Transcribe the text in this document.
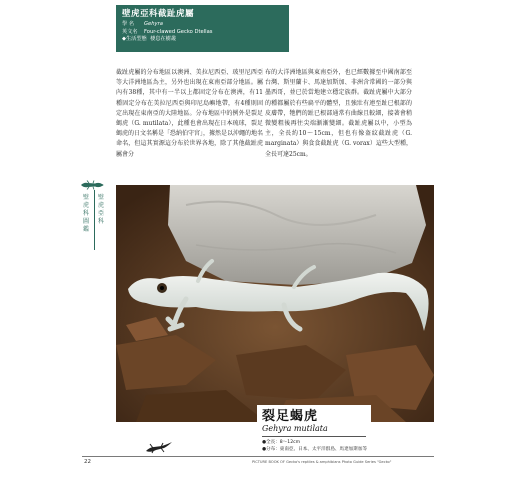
壁虎亞科截趾虎屬
學 名 Gehyra
英文名 Four-clawed Gecko Dtellas
◆生活型態 棲息在樹叢
截趾虎屬的分布地區以澳洲、美拉尼西亞、玻里尼西亞等大洋洲地區為主，另外也出現在東南亞部分地區。屬內有38種，其中有一半以上都固定分布在澳洲，有11種固定分布在美拉尼西亞與印尼島嶼地帶，有4種則固定出現在東南亞的大陸地區。分布地區中的例外是裂足蝎虎（G. mutilata），此種也會出現在日本琉球，裂足蝎虎的日文名稱是「恐納伯守宮」，據然是以沖繩的地名命名，但這其實源這分布於世界各地，除了其他截趾虎屬會分
布的大洋洲地區與東南亞外，也已經數據至中國南部至台灣、斯里蘭卡、馬達加斯加、非洲含常國的一部分與墨西哥，並已於當地建立穩定族群。截趾虎屬中大部分的種都屬於有些扁平的體型，且強壯有連至趾已根部的皮膚帶，牠們的趾已根部通常有曲線且較細，接著會稍微變粗後再往尖端漸漸變細。截趾虎屬以中，小型為主，全長約10～15cm，但也有像盔紋截趾虎（G. marginata）與食食截趾虎（G. vorax）這些大型種，全長可達25cm。
壁虎科圖鑑
壁虎亞科
裂足蝎虎
Gehyra mutilata
●全長：8～12cm
●分布：東南亞、日本、太平洋群島、馬達加斯加等
22	PICTURE BOOK OF Gecko's reptiles & amphibians Photo Guide Series "Gecko"
